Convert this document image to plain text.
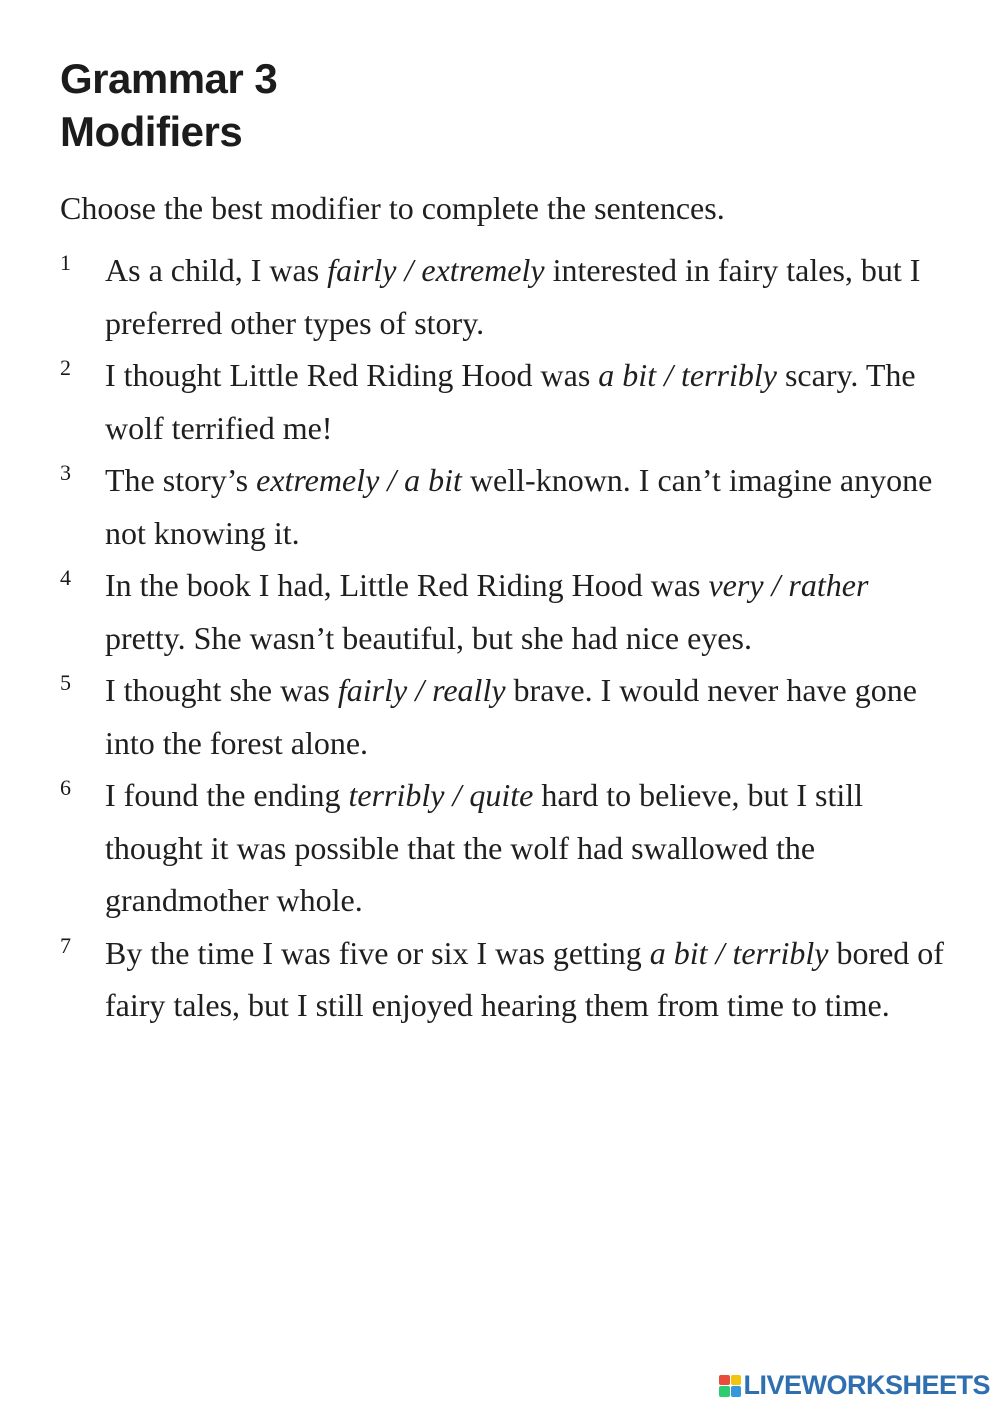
Grammar 3
Modifiers
Choose the best modifier to complete the sentences.
1 As a child, I was fairly / extremely interested in fairy tales, but I preferred other types of story.
2 I thought Little Red Riding Hood was a bit / terribly scary. The wolf terrified me!
3 The story’s extremely / a bit well-known. I can’t imagine anyone not knowing it.
4 In the book I had, Little Red Riding Hood was very / rather pretty. She wasn’t beautiful, but she had nice eyes.
5 I thought she was fairly / really brave. I would never have gone into the forest alone.
6 I found the ending terribly / quite hard to believe, but I still thought it was possible that the wolf had swallowed the grandmother whole.
7 By the time I was five or six I was getting a bit / terribly bored of fairy tales, but I still enjoyed hearing them from time to time.
LIVEWORKSHEETS
